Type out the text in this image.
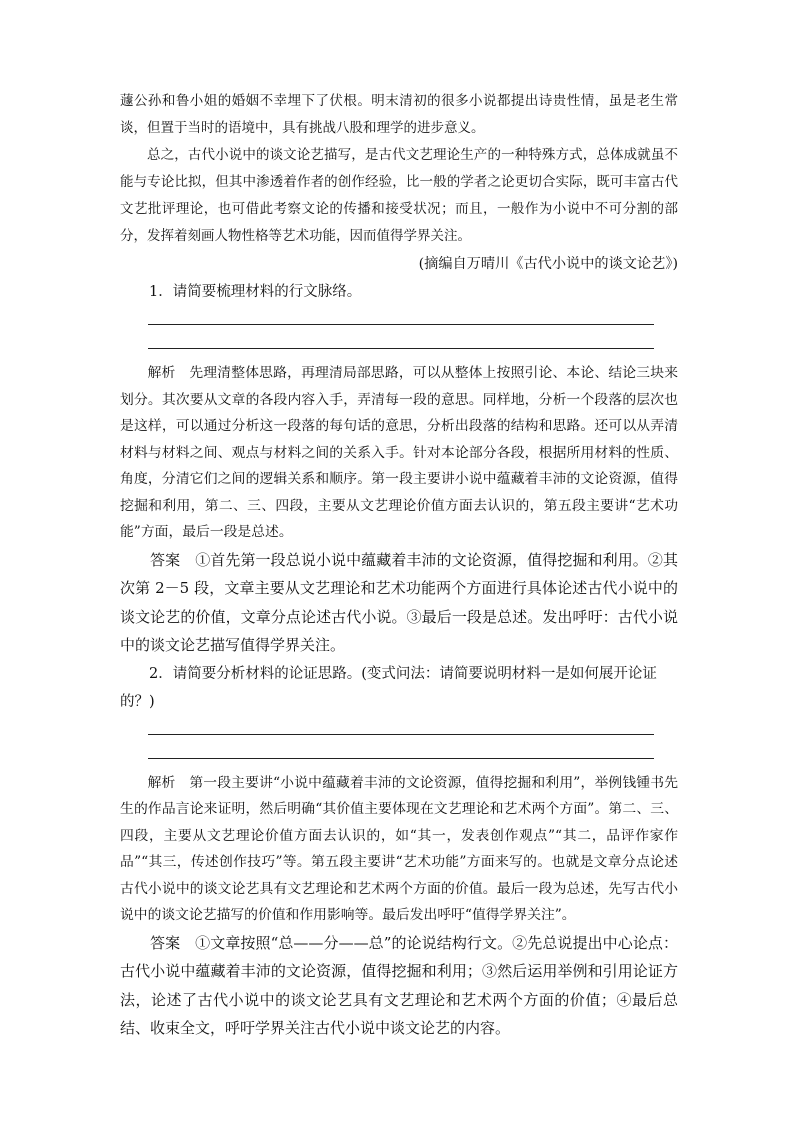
蘧公孙和鲁小姐的婚姻不幸埋下了伏根。明末清初的很多小说都提出诗贵性情，虽是老生常谈，但置于当时的语境中，具有挑战八股和理学的进步意义。

总之，古代小说中的谈文论艺描写，是古代文艺理论生产的一种特殊方式，总体成就虽不能与专论比拟，但其中渗透着作者的创作经验，比一般的学者之论更切合实际，既可丰富古代文艺批评理论，也可借此考察文论的传播和接受状况；而且，一般作为小说中不可分割的部分，发挥着刻画人物性格等艺术功能，因而值得学界关注。

(摘编自万晴川《古代小说中的谈文论艺》)

1．请简要梳理材料的行文脉络。

解析 先理清整体思路，再理清局部思路，可以从整体上按照引论、本论、结论三块来划分。其次要从文章的各段内容入手，弄清每一段的意思。同样地，分析一个段落的层次也是这样，可以通过分析这一段落的每句话的意思，分析出段落的结构和思路。还可以从弄清材料与材料之间、观点与材料之间的关系入手。针对本论部分各段，根据所用材料的性质、角度，分清它们之间的逻辑关系和顺序。第一段主要讲小说中蕴藏着丰沛的文论资源，值得挖掘和利用，第二、三、四段，主要从文艺理论价值方面去认识的，第五段主要讲“艺术功能”方面，最后一段是总述。

答案 ①首先第一段总说小说中蕴藏着丰沛的文论资源，值得挖掘和利用。②其次第 2－5 段，文章主要从文艺理论和艺术功能两个方面进行具体论述古代小说中的谈文论艺的价值，文章分点论述古代小说。③最后一段是总述。发出呼吁：古代小说中的谈文论艺描写值得学界关注。

2．请简要分析材料的论证思路。(变式问法：请简要说明材料一是如何展开论证的？)

解析 第一段主要讲“小说中蕴藏着丰沛的文论资源，值得挖掘和利用”，举例钱锺书先生的作品言论来证明，然后明确“其价值主要体现在文艺理论和艺术两个方面”。第二、三、四段，主要从文艺理论价值方面去认识的，如“其一，发表创作观点”“其二，品评作家作品”“其三，传述创作技巧”等。第五段主要讲“艺术功能”方面来写的。也就是文章分点论述古代小说中的谈文论艺具有文艺理论和艺术两个方面的价值。最后一段为总述，先写古代小说中的谈文论艺描写的价值和作用影响等。最后发出呼吁“值得学界关注”。

答案 ①文章按照“总——分——总”的论说结构行文。②先总说提出中心论点：古代小说中蕴藏着丰沛的文论资源，值得挖掘和利用；③然后运用举例和引用论证方法，论述了古代小说中的谈文论艺具有文艺理论和艺术两个方面的价值；④最后总结、收束全文，呼吁学界关注古代小说中谈文论艺的内容。
